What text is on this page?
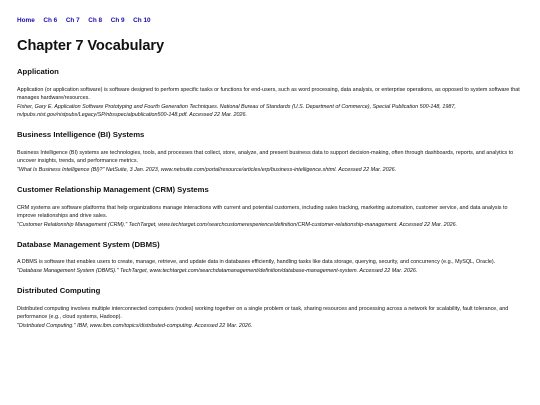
Home Ch 6 Ch 7 Ch 8 Ch 9 Ch 10
Chapter 7 Vocabulary
Application

Application (or application software) is software designed to perform specific tasks or functions for end-users, such as word processing, data analysis, or enterprise operations, as opposed to system software that manages hardware/resources.

Fisher, Gary E. Application Software Prototyping and Fourth Generation Techniques. National Bureau of Standards (U.S. Department of Commerce), Special Publication 500-148, 1987, nvlpubs.nist.gov/nistpubs/Legacy/SP/nbsspecialpublication500-148.pdf. Accessed 22 Mar. 2026.

Business Intelligence (BI) Systems

Business Intelligence (BI) systems are technologies, tools, and processes that collect, store, analyze, and present business data to support decision-making, often through dashboards, reports, and analytics to uncover insights, trends, and performance metrics.

"What Is Business Intelligence (BI)?" NetSuite, 3 Jan. 2023, www.netsuite.com/portal/resource/articles/erp/business-intelligence.shtml. Accessed 22 Mar. 2026.

Customer Relationship Management (CRM) Systems

CRM systems are software platforms that help organizations manage interactions with current and potential customers, including sales tracking, marketing automation, customer service, and data analysis to improve relationships and drive sales.

"Customer Relationship Management (CRM)." TechTarget, www.techtarget.com/searchcustomerexperience/definition/CRM-customer-relationship-management. Accessed 22 Mar. 2026.

Database Management System (DBMS)

A DBMS is software that enables users to create, manage, retrieve, and update data in databases efficiently, handling tasks like data storage, querying, security, and concurrency (e.g., MySQL, Oracle).

"Database Management System (DBMS)." TechTarget, www.techtarget.com/searchdatamanagement/definition/database-management-system. Accessed 22 Mar. 2026.

Distributed Computing

Distributed computing involves multiple interconnected computers (nodes) working together on a single problem or task, sharing resources and processing across a network for scalability, fault tolerance, and performance (e.g., cloud systems, Hadoop).

"Distributed Computing." IBM, www.ibm.com/topics/distributed-computing. Accessed 22 Mar. 2026.
